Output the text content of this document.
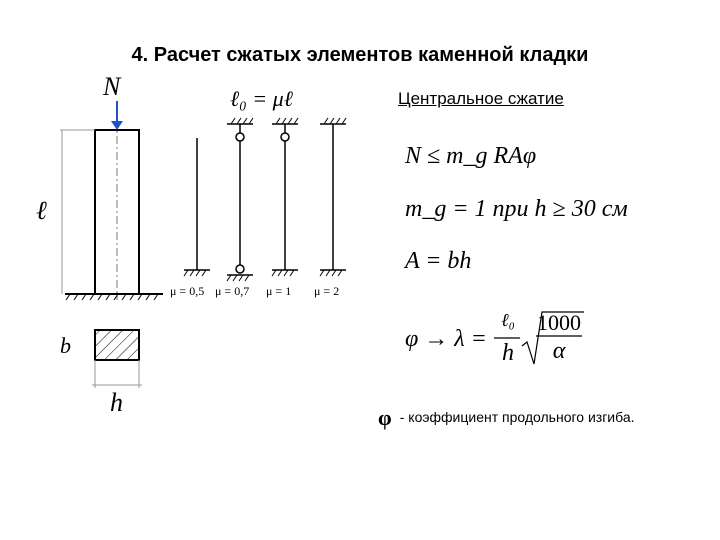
4. Расчет сжатых элементов каменной кладки
Центральное сжатие
N
ℓ
b
h
ℓ₀ = μℓ
μ = 0,5 μ = 0,7 μ = 1 μ = 2
N ≤ m_g RAφ
m_g = 1 при h ≥ 30 см
A = bh
φ → λ =
ℓ₀
h
1000
α
φ - коэффициент продольного изгиба.
